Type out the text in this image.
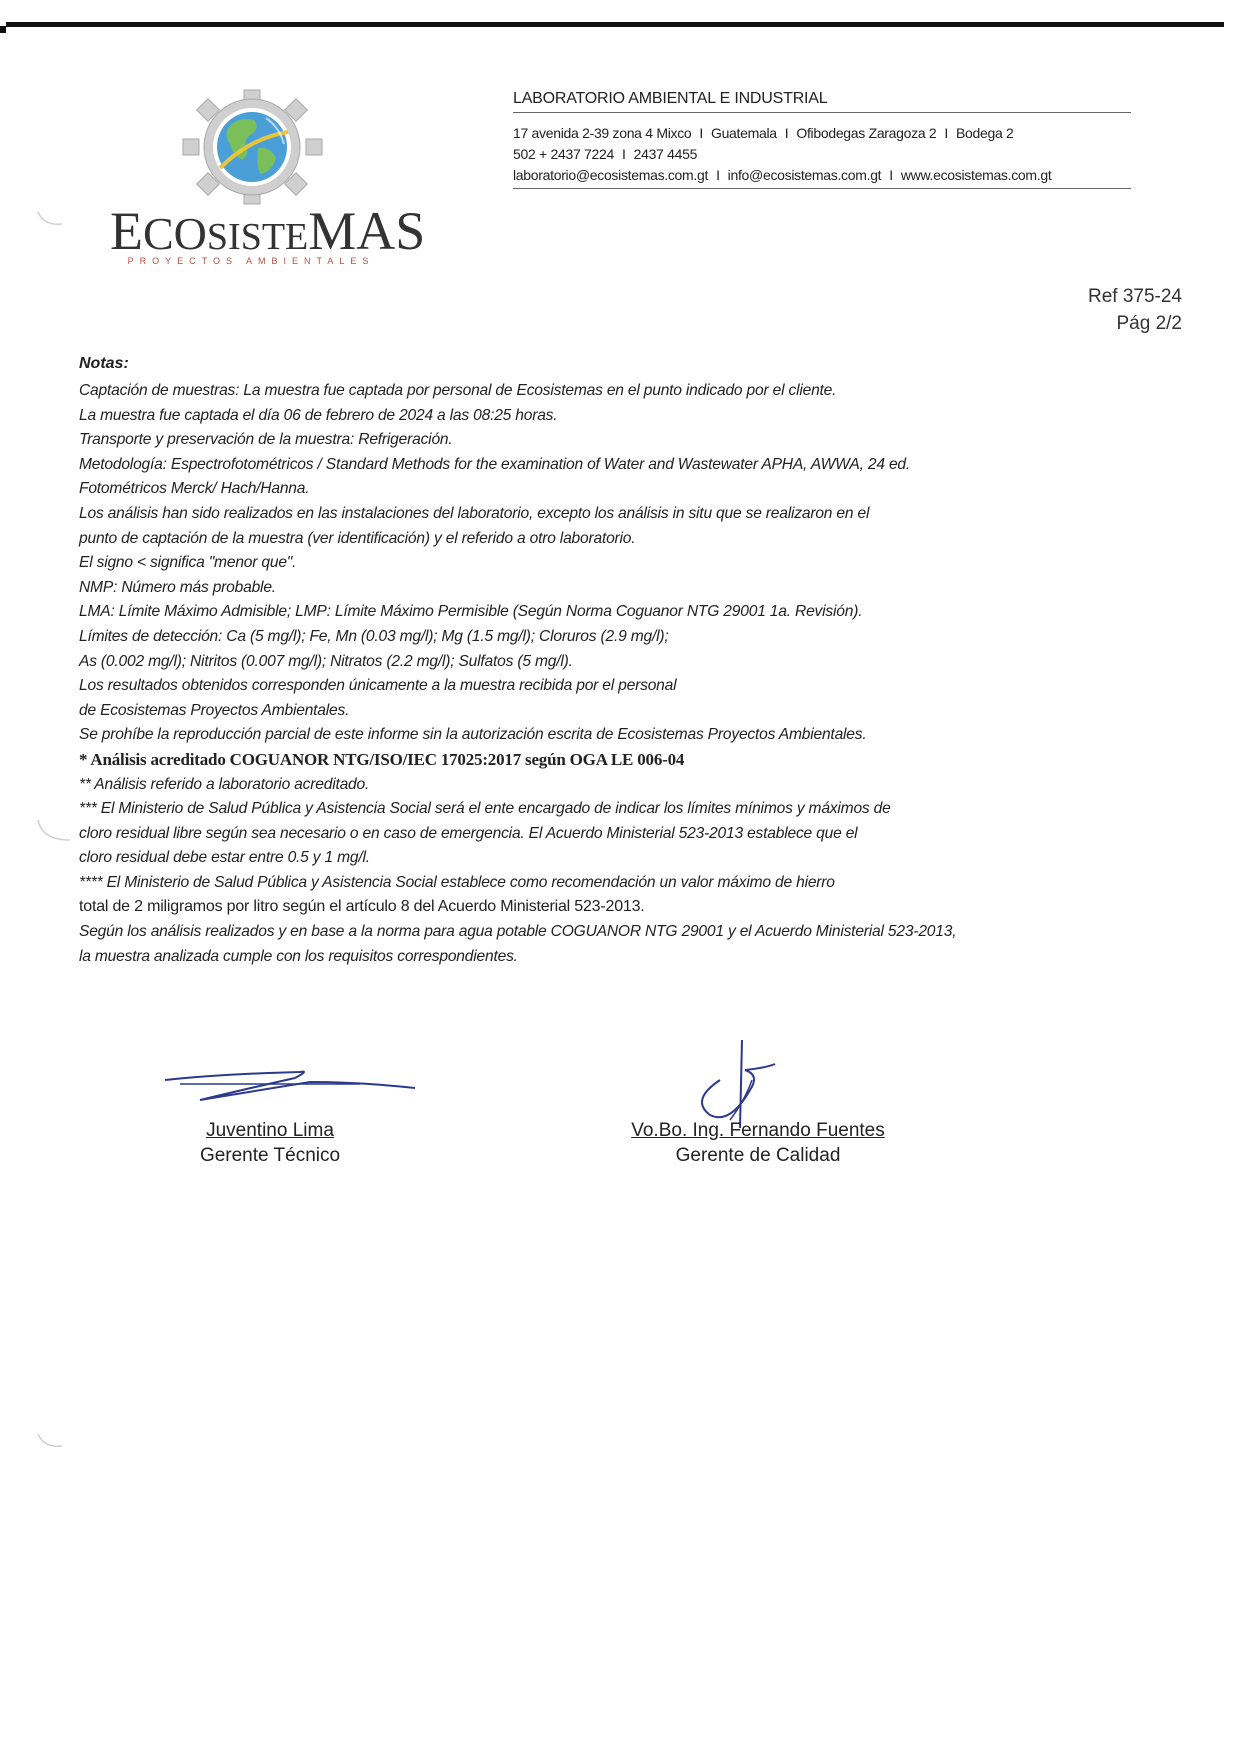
ECOSISTEMAS
PROYECTOS AMBIENTALES
LABORATORIO AMBIENTAL E INDUSTRIAL
17 avenida 2-39 zona 4 Mixco I Guatemala I Ofibodegas Zaragoza 2 I Bodega 2
502 + 2437 7224 I 2437 4455
laboratorio@ecosistemas.com.gt I info@ecosistemas.com.gt I www.ecosistemas.com.gt
Ref 375-24
Pág 2/2
Notas:

Captación de muestras: La muestra fue captada por personal de Ecosistemas en el punto indicado por el cliente.

La muestra fue captada el día 06 de febrero de 2024 a las 08:25 horas.

Transporte y preservación de la muestra: Refrigeración.

Metodología: Espectrofotométricos / Standard Methods for the examination of Water and Wastewater APHA, AWWA, 24 ed.

Fotométricos Merck/ Hach/Hanna.

Los análisis han sido realizados en las instalaciones del laboratorio, excepto los análisis in situ que se realizaron en el

punto de captación de la muestra (ver identificación) y el referido a otro laboratorio.

El signo < significa "menor que".

NMP: Número más probable.

LMA: Límite Máximo Admisible; LMP: Límite Máximo Permisible (Según Norma Coguanor NTG 29001 1a. Revisión).

Límites de detección: Ca (5 mg/l); Fe, Mn (0.03 mg/l); Mg (1.5 mg/l); Cloruros (2.9 mg/l);

As (0.002 mg/l); Nitritos (0.007 mg/l); Nitratos (2.2 mg/l); Sulfatos (5 mg/l).

Los resultados obtenidos corresponden únicamente a la muestra recibida por el personal

de Ecosistemas Proyectos Ambientales.

Se prohíbe la reproducción parcial de este informe sin la autorización escrita de Ecosistemas Proyectos Ambientales.

* Análisis acreditado COGUANOR NTG/ISO/IEC 17025:2017 según OGA LE 006-04

** Análisis referido a laboratorio acreditado.

*** El Ministerio de Salud Pública y Asistencia Social será el ente encargado de indicar los límites mínimos y máximos de

cloro residual libre según sea necesario o en caso de emergencia. El Acuerdo Ministerial 523-2013 establece que el

cloro residual debe estar entre 0.5 y 1 mg/l.

**** El Ministerio de Salud Pública y Asistencia Social establece como recomendación un valor máximo de hierro

total de 2 miligramos por litro según el artículo 8 del Acuerdo Ministerial 523-2013.

Según los análisis realizados y en base a la norma para agua potable COGUANOR NTG 29001 y el Acuerdo Ministerial 523-2013,

la muestra analizada cumple con los requisitos correspondientes.

Juventino Lima
Gerente Técnico
Vo.Bo. Ing. Fernando Fuentes
Gerente de Calidad
